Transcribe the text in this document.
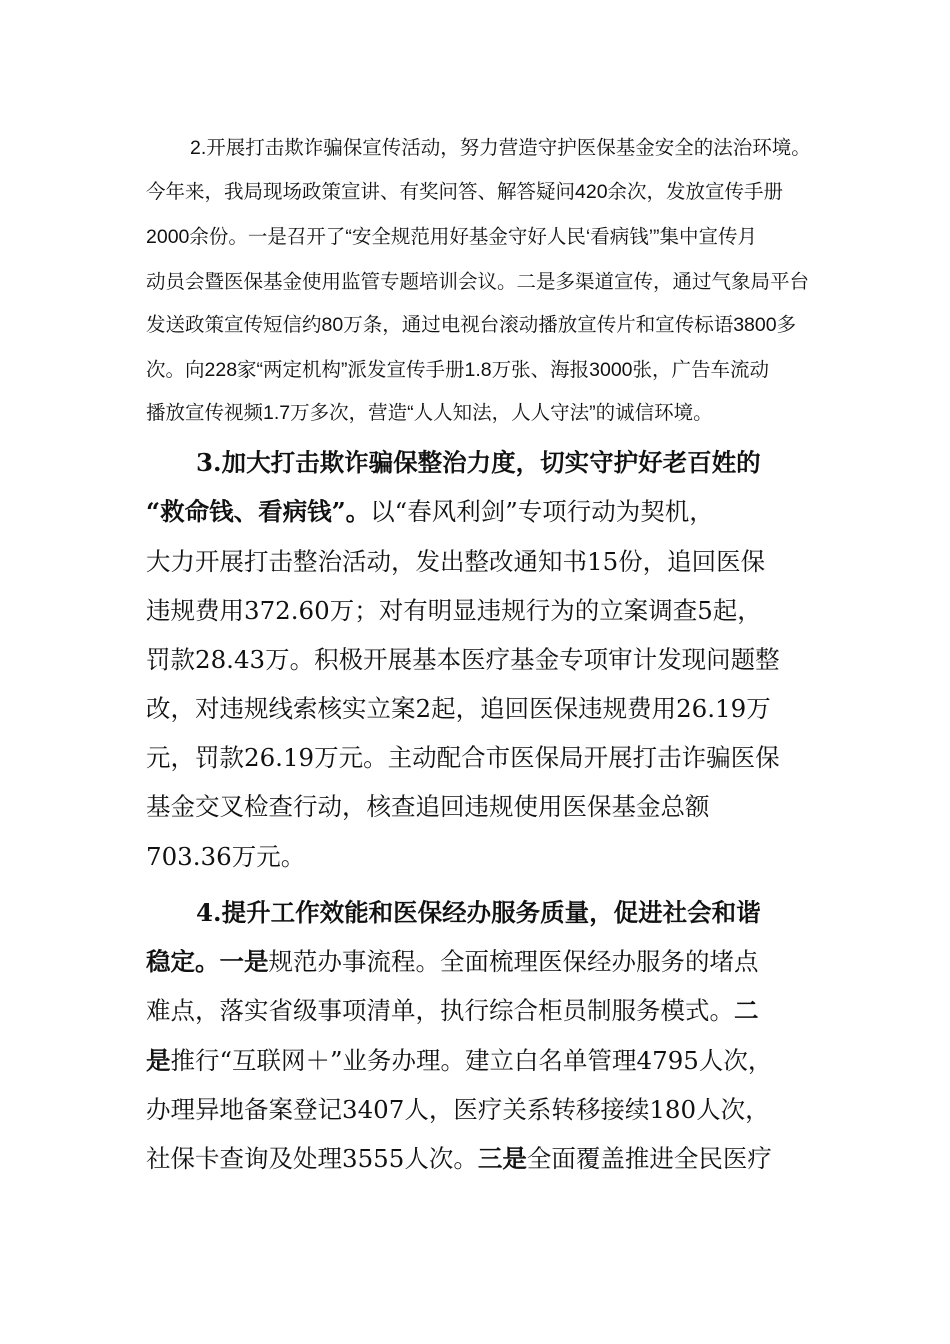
2.开展打击欺诈骗保宣传活动，努力营造守护医保基金安全的法治环境。
今年来，我局现场政策宣讲、有奖问答、解答疑问420余次，发放宣传手册
2000余份。一是召开了“安全规范用好基金守好人民‘看病钱’”集中宣传月
动员会暨医保基金使用监管专题培训会议。二是多渠道宣传，通过气象局平台
发送政策宣传短信约80万条，通过电视台滚动播放宣传片和宣传标语3800多
次。向228家“两定机构”派发宣传手册1.8万张、海报3000张，广告车流动
播放宣传视频1.7万多次，营造“人人知法，人人守法”的诚信环境。
3.加大打击欺诈骗保整治力度，切实守护好老百姓的
“救命钱、看病钱”。以“春风利剑”专项行动为契机，
大力开展打击整治活动，发出整改通知书15份，追回医保
违规费用372.60万；对有明显违规行为的立案调查5起，
罚款28.43万。积极开展基本医疗基金专项审计发现问题整
改，对违规线索核实立案2起，追回医保违规费用26.19万
元，罚款26.19万元。主动配合市医保局开展打击诈骗医保
基金交叉检查行动，核查追回违规使用医保基金总额
703.36万元。
4.提升工作效能和医保经办服务质量，促进社会和谐
稳定。一是规范办事流程。全面梳理医保经办服务的堵点
难点，落实省级事项清单，执行综合柜员制服务模式。二
是推行“互联网＋”业务办理。建立白名单管理4795人次，
办理异地备案登记3407人，医疗关系转移接续180人次，
社保卡查询及处理3555人次。三是全面覆盖推进全民医疗
